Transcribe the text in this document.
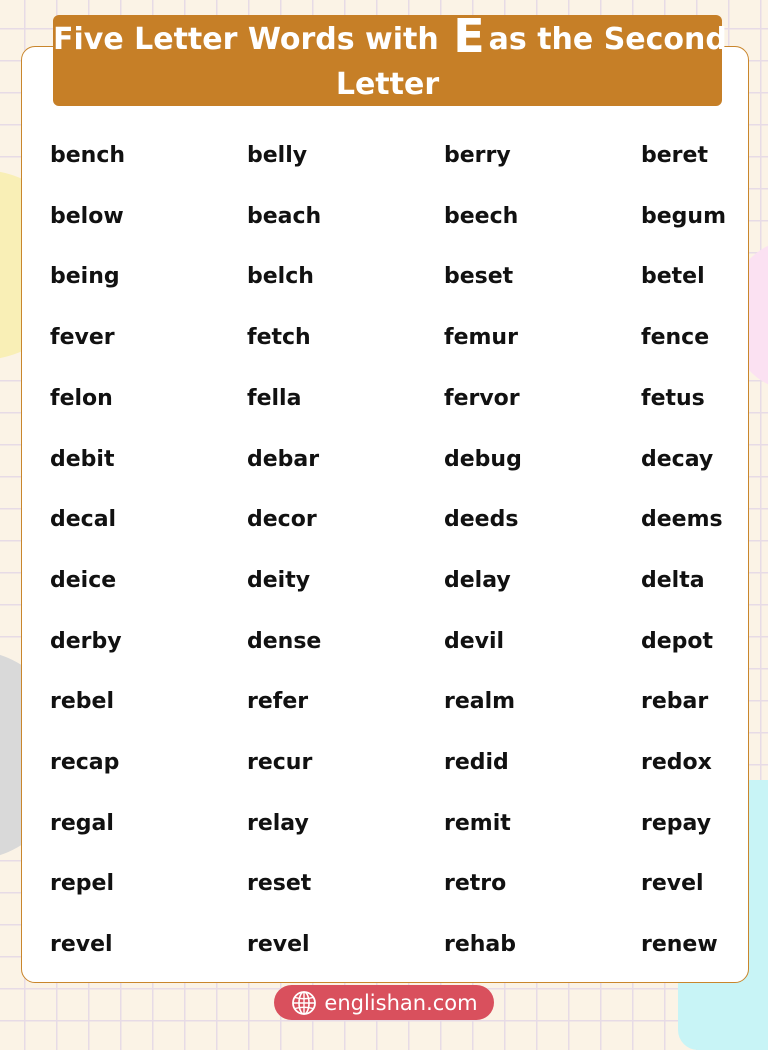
Five Letter Words with E as the Second
Letter
bench	belly	berry	beret
below	beach	beech	begum
being	belch	beset	betel
fever	fetch	femur	fence
felon	fella	fervor	fetus
debit	debar	debug	decay
decal	decor	deeds	deems
deice	deity	delay	delta
derby	dense	devil	depot
rebel	refer	realm	rebar
recap	recur	redid	redox
regal	relay	remit	repay
repel	reset	retro	revel
revel	revel	rehab	renew
englishan.com
